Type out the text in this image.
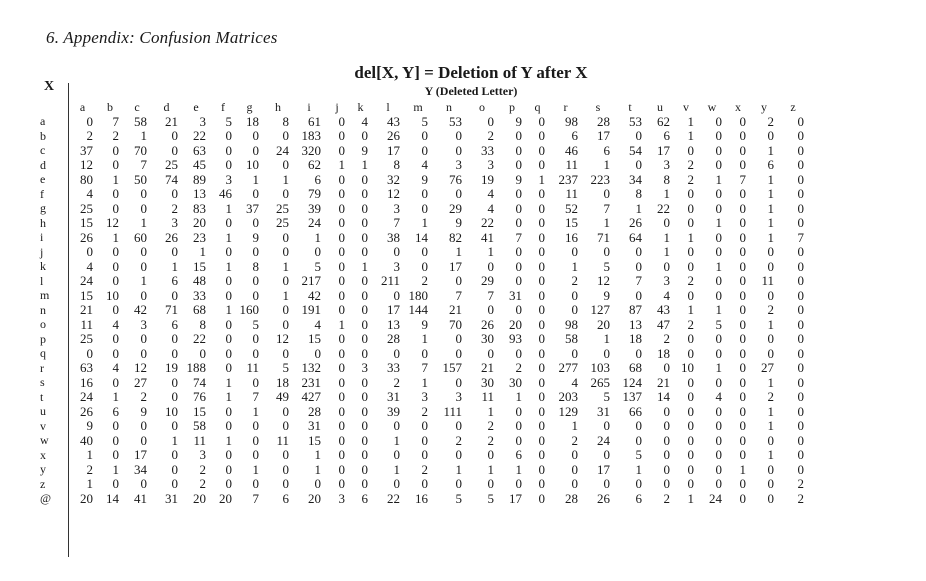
6. Appendix: Confusion Matrices
del[X, Y] = Deletion of Y after X
Y (Deleted Letter)
X
	a	b	c	d	e	f	g	h	i	j	k	l	m	n	o	p	q	r	s	t	u	v	w	x	y	z
a	0	7	58	21	3	5	18	8	61	0	4	43	5	53	0	9	0	98	28	53	62	1	0	0	2	0
b	2	2	1	0	22	0	0	0	183	0	0	26	0	0	2	0	0	6	17	0	6	1	0	0	0	0
c	37	0	70	0	63	0	0	24	320	0	9	17	0	0	33	0	0	46	6	54	17	0	0	0	1	0
d	12	0	7	25	45	0	10	0	62	1	1	8	4	3	3	0	0	11	1	0	3	2	0	0	6	0
e	80	1	50	74	89	3	1	1	6	0	0	32	9	76	19	9	1	237	223	34	8	2	1	7	1	0
f	4	0	0	0	13	46	0	0	79	0	0	12	0	0	4	0	0	11	0	8	1	0	0	0	1	0
g	25	0	0	2	83	1	37	25	39	0	0	3	0	29	4	0	0	52	7	1	22	0	0	0	1	0
h	15	12	1	3	20	0	0	25	24	0	0	7	1	9	22	0	0	15	1	26	0	0	1	0	1	0
i	26	1	60	26	23	1	9	0	1	0	0	38	14	82	41	7	0	16	71	64	1	1	0	0	1	7
j	0	0	0	0	1	0	0	0	0	0	0	0	0	1	1	0	0	0	0	0	1	0	0	0	0	0
k	4	0	0	1	15	1	8	1	5	0	1	3	0	17	0	0	0	1	5	0	0	0	1	0	0	0
l	24	0	1	6	48	0	0	0	217	0	0	211	2	0	29	0	0	2	12	7	3	2	0	0	11	0
m	15	10	0	0	33	0	0	1	42	0	0	0	180	7	7	31	0	0	9	0	4	0	0	0	0	0
n	21	0	42	71	68	1	160	0	191	0	0	17	144	21	0	0	0	0	127	87	43	1	1	0	2	0
o	11	4	3	6	8	0	5	0	4	1	0	13	9	70	26	20	0	98	20	13	47	2	5	0	1	0
p	25	0	0	0	22	0	0	12	15	0	0	28	1	0	30	93	0	58	1	18	2	0	0	0	0	0
q	0	0	0	0	0	0	0	0	0	0	0	0	0	0	0	0	0	0	0	0	18	0	0	0	0	0
r	63	4	12	19	188	0	11	5	132	0	3	33	7	157	21	2	0	277	103	68	0	10	1	0	27	0
s	16	0	27	0	74	1	0	18	231	0	0	2	1	0	30	30	0	4	265	124	21	0	0	0	1	0
t	24	1	2	0	76	1	7	49	427	0	0	31	3	3	11	1	0	203	5	137	14	0	4	0	2	0
u	26	6	9	10	15	0	1	0	28	0	0	39	2	111	1	0	0	129	31	66	0	0	0	0	1	0
v	9	0	0	0	58	0	0	0	31	0	0	0	0	0	2	0	0	1	0	0	0	0	0	0	1	0
w	40	0	0	1	11	1	0	11	15	0	0	1	0	2	2	0	0	2	24	0	0	0	0	0	0	0
x	1	0	17	0	3	0	0	0	1	0	0	0	0	0	0	6	0	0	0	5	0	0	0	0	1	0
y	2	1	34	0	2	0	1	0	1	0	0	1	2	1	1	1	0	0	17	1	0	0	0	1	0	0
z	1	0	0	0	2	0	0	0	0	0	0	0	0	0	0	0	0	0	0	0	0	0	0	0	0	2
@	20	14	41	31	20	20	7	6	20	3	6	22	16	5	5	17	0	28	26	6	2	1	24	0	0	2
